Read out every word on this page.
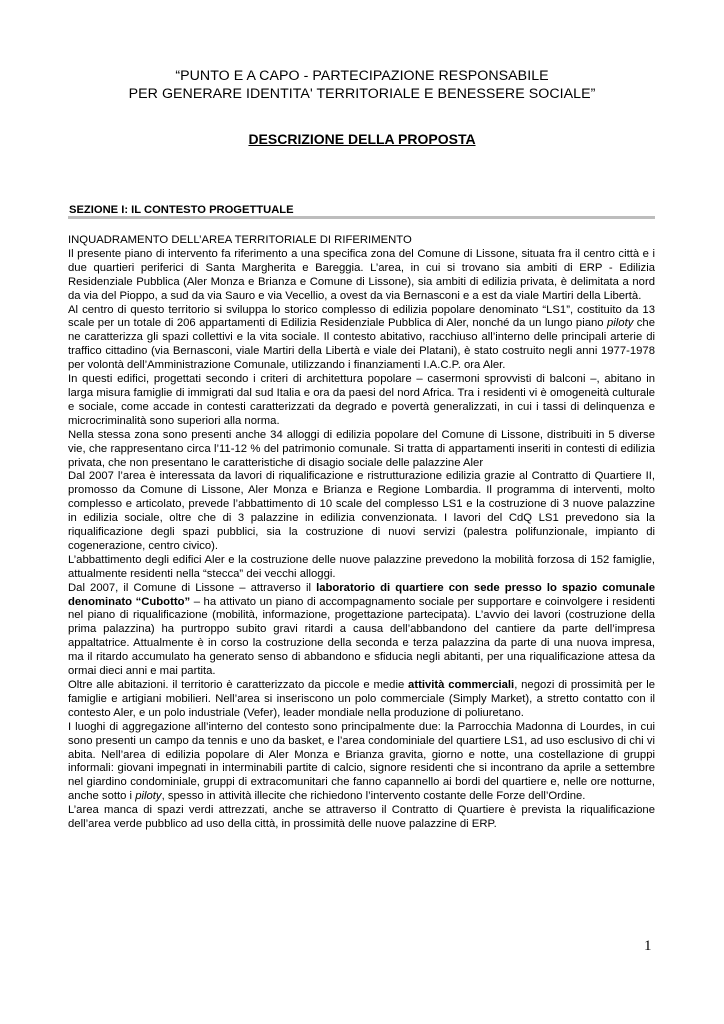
“PUNTO E A CAPO - PARTECIPAZIONE RESPONSABILE
PER GENERARE IDENTITA' TERRITORIALE E BENESSERE SOCIALE”
DESCRIZIONE DELLA PROPOSTA
SEZIONE I: IL CONTESTO PROGETTUALE

INQUADRAMENTO DELL’AREA TERRITORIALE DI RIFERIMENTO

Il presente piano di intervento fa riferimento a una specifica zona del Comune di Lissone, situata fra il centro città e i due quartieri periferici di Santa Margherita e Bareggia. L’area, in cui si trovano sia ambiti di ERP - Edilizia Residenziale Pubblica (Aler Monza e Brianza e Comune di Lissone), sia ambiti di edilizia privata, è delimitata a nord da via del Pioppo, a sud da via Sauro e via Vecellio, a ovest da via Bernasconi e a est da viale Martiri della Libertà.

Al centro di questo territorio si sviluppa lo storico complesso di edilizia popolare denominato “LS1”, costituito da 13 scale per un totale di 206 appartamenti di Edilizia Residenziale Pubblica di Aler, nonché da un lungo piano piloty che ne caratterizza gli spazi collettivi e la vita sociale. Il contesto abitativo, racchiuso all’interno delle principali arterie di traffico cittadino (via Bernasconi, viale Martiri della Libertà e viale dei Platani), è stato costruito negli anni 1977-1978 per volontà dell’Amministrazione Comunale, utilizzando i finanziamenti I.A.C.P. ora Aler.

In questi edifici, progettati secondo i criteri di architettura popolare – casermoni sprovvisti di balconi –, abitano in larga misura famiglie di immigrati dal sud Italia e ora da paesi del nord Africa. Tra i residenti vi è omogeneità culturale e sociale, come accade in contesti caratterizzati da degrado e povertà generalizzati, in cui i tassi di delinquenza e microcriminalità sono superiori alla norma.

Nella stessa zona sono presenti anche 34 alloggi di edilizia popolare del Comune di Lissone, distribuiti in 5 diverse vie, che rappresentano circa l’11-12 % del patrimonio comunale. Si tratta di appartamenti inseriti in contesti di edilizia privata, che non presentano le caratteristiche di disagio sociale delle palazzine Aler

Dal 2007 l’area è interessata da lavori di riqualificazione e ristrutturazione edilizia grazie al Contratto di Quartiere II, promosso da Comune di Lissone, Aler Monza e Brianza e Regione Lombardia. Il programma di interventi, molto complesso e articolato, prevede l’abbattimento di 10 scale del complesso LS1 e la costruzione di 3 nuove palazzine in edilizia sociale, oltre che di 3 palazzine in edilizia convenzionata. I lavori del CdQ LS1 prevedono sia la riqualificazione degli spazi pubblici, sia la costruzione di nuovi servizi (palestra polifunzionale, impianto di cogenerazione, centro civico).

L’abbattimento degli edifici Aler e la costruzione delle nuove palazzine prevedono la mobilità forzosa di 152 famiglie, attualmente residenti nella “stecca” dei vecchi alloggi.

Dal 2007, il Comune di Lissone – attraverso il laboratorio di quartiere con sede presso lo spazio comunale denominato “Cubotto” – ha attivato un piano di accompagnamento sociale per supportare e coinvolgere i residenti nel piano di riqualificazione (mobilità, informazione, progettazione partecipata). L’avvio dei lavori (costruzione della prima palazzina) ha purtroppo subito gravi ritardi a causa dell’abbandono del cantiere da parte dell’impresa appaltatrice. Attualmente è in corso la costruzione della seconda e terza palazzina da parte di una nuova impresa, ma il ritardo accumulato ha generato senso di abbandono e sfiducia negli abitanti, per una riqualificazione attesa da ormai dieci anni e mai partita.

Oltre alle abitazioni. il territorio è caratterizzato da piccole e medie attività commerciali, negozi di prossimità per le famiglie e artigiani mobilieri. Nell’area si inseriscono un polo commerciale (Simply Market), a stretto contatto con il contesto Aler, e un polo industriale (Vefer), leader mondiale nella produzione di poliuretano.

I luoghi di aggregazione all’interno del contesto sono principalmente due: la Parrocchia Madonna di Lourdes, in cui sono presenti un campo da tennis e uno da basket, e l’area condominiale del quartiere LS1, ad uso esclusivo di chi vi abita. Nell’area di edilizia popolare di Aler Monza e Brianza gravita, giorno e notte, una costellazione di gruppi informali: giovani impegnati in interminabili partite di calcio, signore residenti che si incontrano da aprile a settembre nel giardino condominiale, gruppi di extracomunitari che fanno capannello ai bordi del quartiere e, nelle ore notturne, anche sotto i piloty, spesso in attività illecite che richiedono l’intervento costante delle Forze dell’Ordine.

L’area manca di spazi verdi attrezzati, anche se attraverso il Contratto di Quartiere è prevista la riqualificazione dell’area verde pubblico ad uso della città, in prossimità delle nuove palazzine di ERP.

1
